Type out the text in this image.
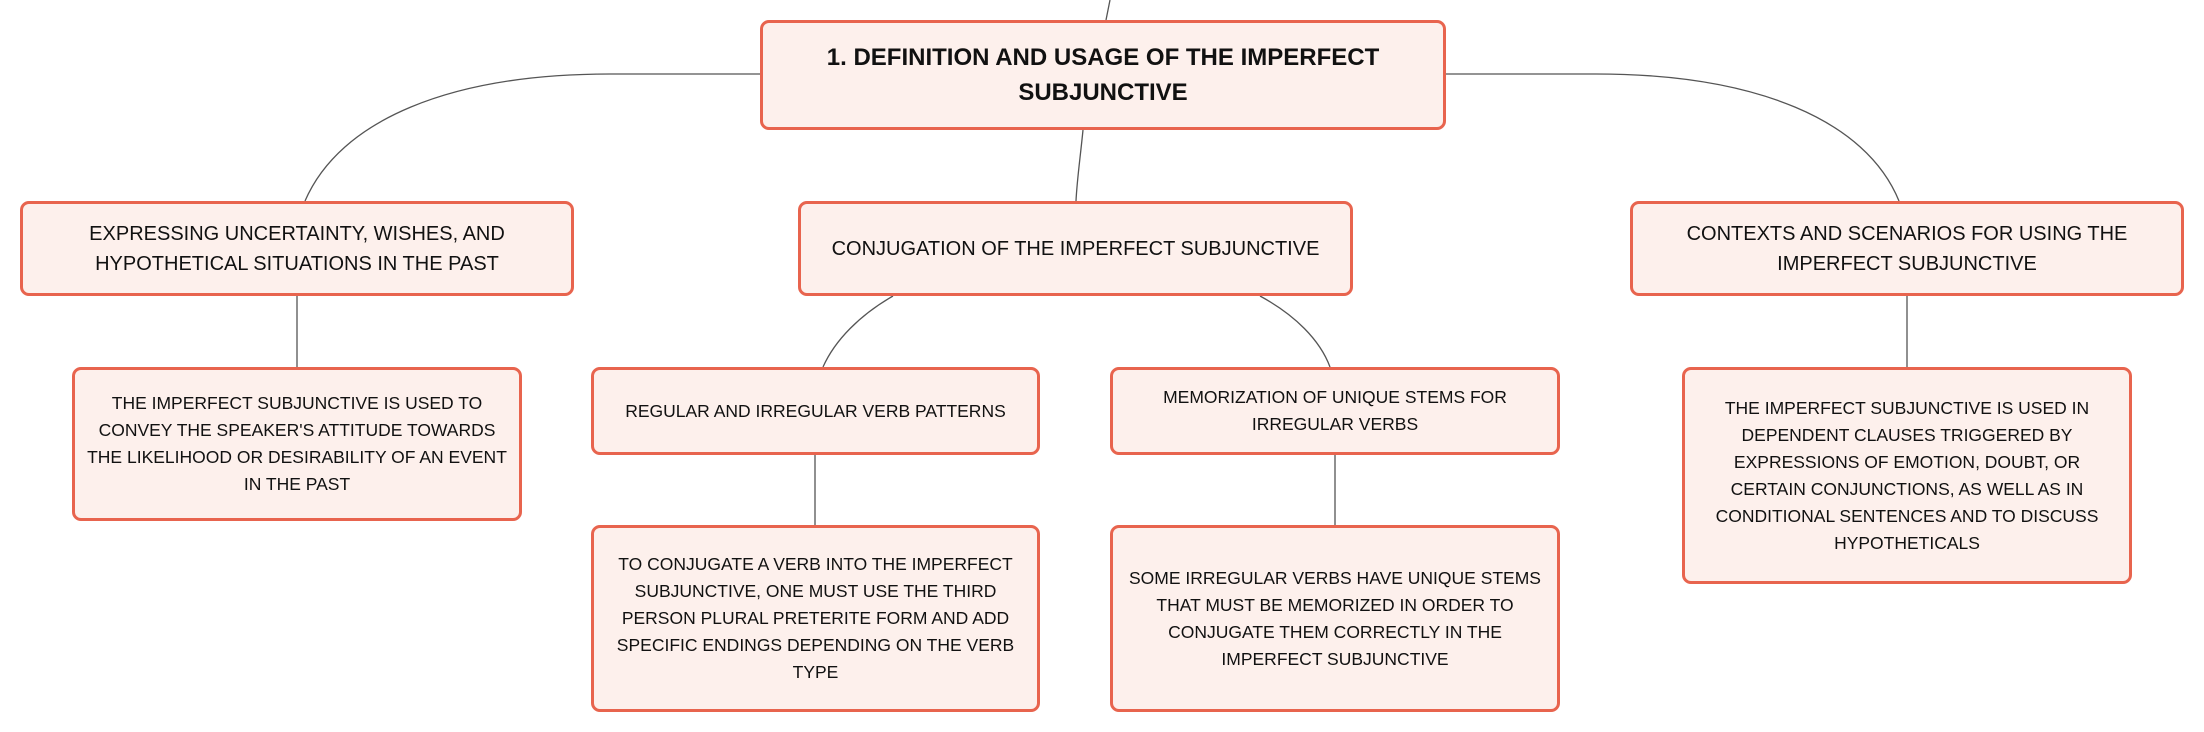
1. DEFINITION AND USAGE OF THE IMPERFECT SUBJUNCTIVE
EXPRESSING UNCERTAINTY, WISHES, AND HYPOTHETICAL SITUATIONS IN THE PAST
CONJUGATION OF THE IMPERFECT SUBJUNCTIVE
CONTEXTS AND SCENARIOS FOR USING THE IMPERFECT SUBJUNCTIVE
THE IMPERFECT SUBJUNCTIVE IS USED TO CONVEY THE SPEAKER'S ATTITUDE TOWARDS THE LIKELIHOOD OR DESIRABILITY OF AN EVENT IN THE PAST
REGULAR AND IRREGULAR VERB PATTERNS
MEMORIZATION OF UNIQUE STEMS FOR IRREGULAR VERBS
THE IMPERFECT SUBJUNCTIVE IS USED IN DEPENDENT CLAUSES TRIGGERED BY EXPRESSIONS OF EMOTION, DOUBT, OR CERTAIN CONJUNCTIONS, AS WELL AS IN CONDITIONAL SENTENCES AND TO DISCUSS HYPOTHETICALS
TO CONJUGATE A VERB INTO THE IMPERFECT SUBJUNCTIVE, ONE MUST USE THE THIRD PERSON PLURAL PRETERITE FORM AND ADD SPECIFIC ENDINGS DEPENDING ON THE VERB TYPE
SOME IRREGULAR VERBS HAVE UNIQUE STEMS THAT MUST BE MEMORIZED IN ORDER TO CONJUGATE THEM CORRECTLY IN THE IMPERFECT SUBJUNCTIVE
